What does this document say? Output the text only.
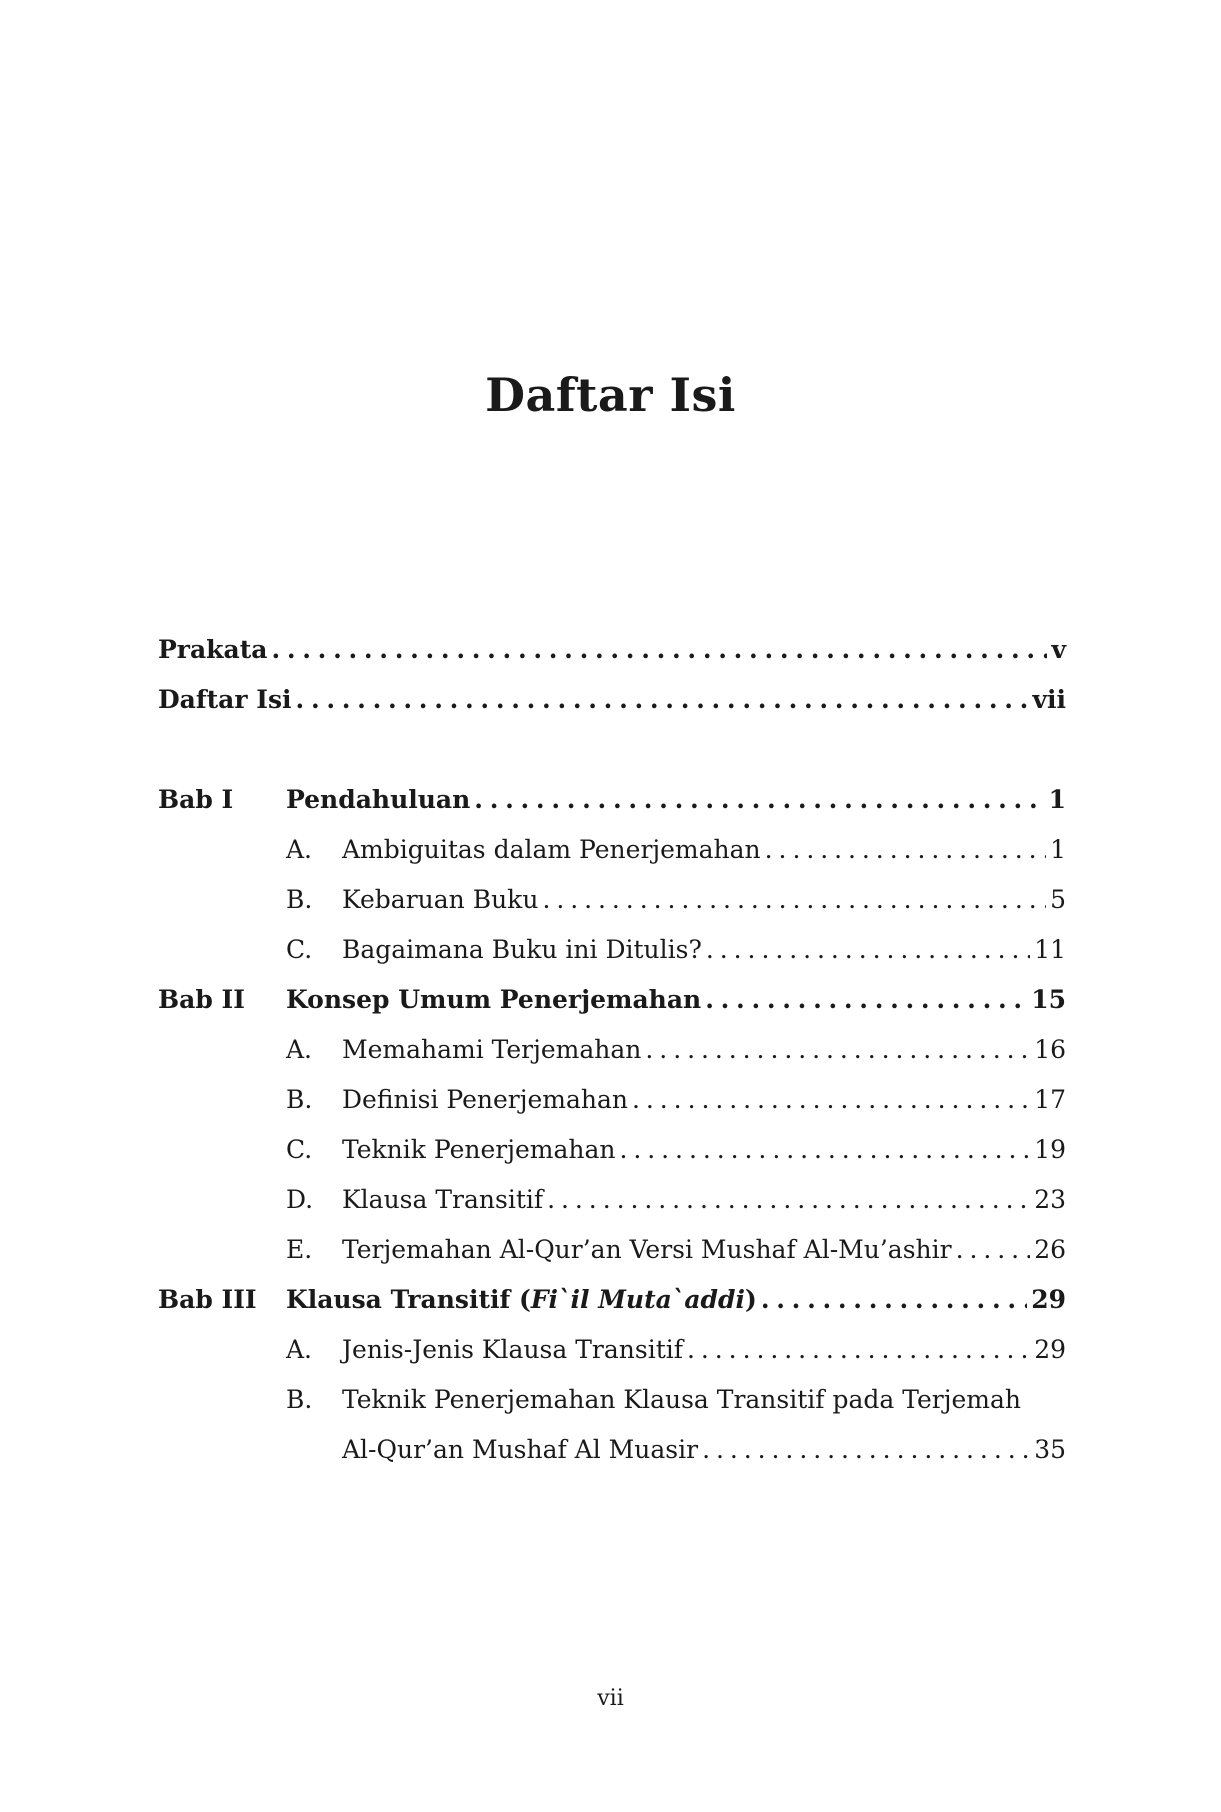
Daftar Isi
Prakata . . .	v
Daftar Isi . . .	vii
Bab I	Pendahuluan . . .	1
A.	Ambiguitas dalam Penerjemahan . . .	1
B.	Kebaruan Buku . . .	5
C.	Bagaimana Buku ini Ditulis? . . .	11
Bab II	Konsep Umum Penerjemahan . . .	15
A.	Memahami Terjemahan . . .	16
B.	Definisi Penerjemahan . . .	17
C.	Teknik Penerjemahan . . .	19
D.	Klausa Transitif . . .	23
E.	Terjemahan Al-Qur’an Versi Mushaf Al-Mu’ashir . . .	26
Bab III	Klausa Transitif (Fi`il Muta`addi) . . .	29
A.	Jenis-Jenis Klausa Transitif . . .	29
B.	Teknik Penerjemahan Klausa Transitif pada Terjemah
Al-Qur’an Mushaf Al Muasir . . .	35
vii
